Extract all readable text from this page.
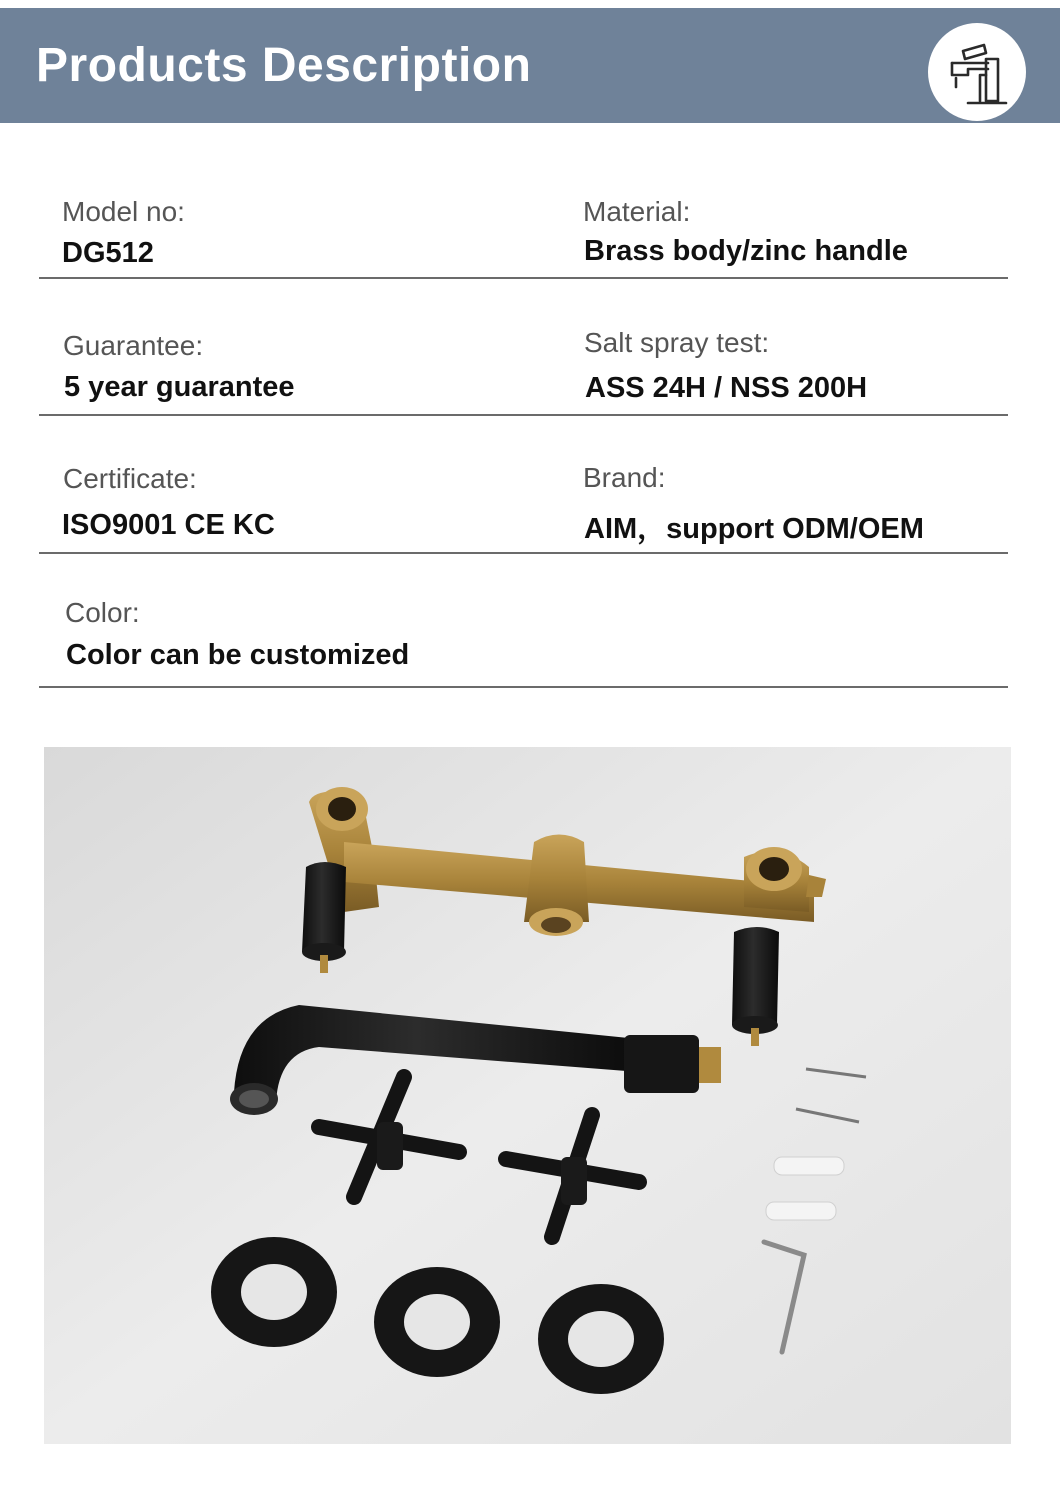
Products Description
Model no:
DG512
Material:
Brass body/zinc handle
Guarantee:
5 year guarantee
Salt spray test:
ASS 24H / NSS 200H
Certificate:
ISO9001 CE KC
Brand:
AIM，support ODM/OEM
Color:
Color can be customized
